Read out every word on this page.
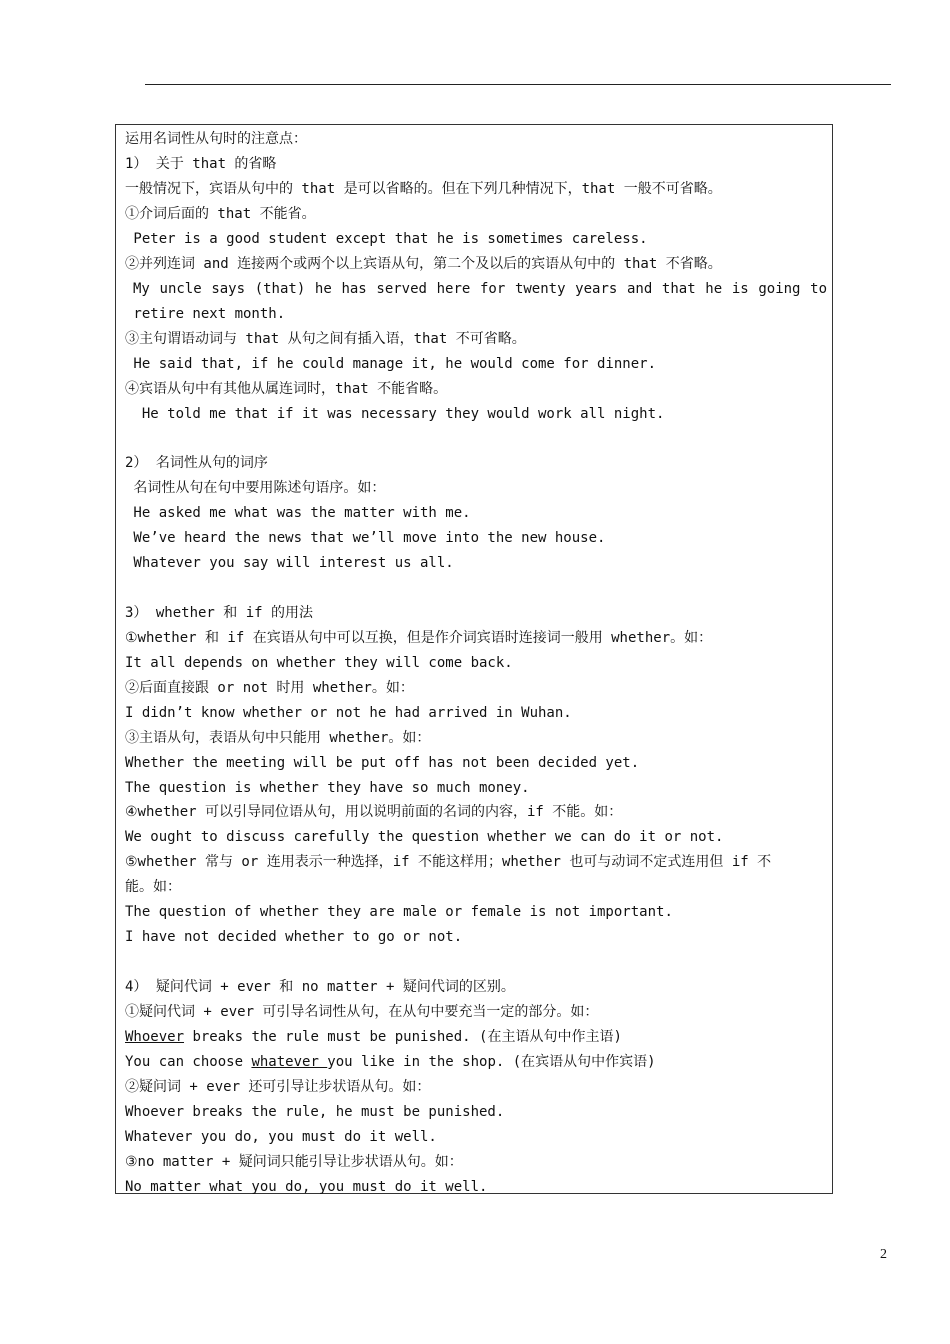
运用名词性从句时的注意点：
1） 关于 that 的省略
一般情况下，宾语从句中的 that 是可以省略的。但在下列几种情况下，that 一般不可省略。
①介词后面的 that 不能省。
Peter is a good student except that he is sometimes careless.
②并列连词 and 连接两个或两个以上宾语从句，第二个及以后的宾语从句中的 that 不省略。
My uncle says (that) he has served here for twenty years and that he is going to
retire next month.
③主句谓语动词与 that 从句之间有插入语，that 不可省略。
He said that, if he could manage it, he would come for dinner.
④宾语从句中有其他从属连词时，that 不能省略。
He told me that if it was necessary they would work all night.
2） 名词性从句的词序
名词性从句在句中要用陈述句语序。如：
He asked me what was the matter with me.
We’ve heard the news that we’ll move into the new house.
Whatever you say will interest us all.
3） whether 和 if 的用法
①whether 和 if 在宾语从句中可以互换，但是作介词宾语时连接词一般用 whether。如：
It all depends on whether they will come back.
②后面直接跟 or not 时用 whether。如：
I didn’t know whether or not he had arrived in Wuhan.
③主语从句，表语从句中只能用 whether。如：
Whether the meeting will be put off has not been decided yet.
The question is whether they have so much money.
④whether 可以引导同位语从句，用以说明前面的名词的内容，if 不能。如：
We ought to discuss carefully the question whether we can do it or not.
⑤whether 常与 or 连用表示一种选择，if 不能这样用；whether 也可与动词不定式连用但 if 不
能。如：
The question of whether they are male or female is not important.
I have not decided whether to go or not.
4） 疑问代词 + ever 和 no matter + 疑问代词的区别。
①疑问代词 + ever 可引导名词性从句，在从句中要充当一定的部分。如：
Whoever breaks the rule must be punished. (在主语从句中作主语)
You can choose whatever you like in the shop. (在宾语从句中作宾语)
②疑问词 + ever 还可引导让步状语从句。如：
Whoever breaks the rule, he must be punished.
Whatever you do, you must do it well.
③no matter + 疑问词只能引导让步状语从句。如：
No matter what you do, you must do it well.
2
